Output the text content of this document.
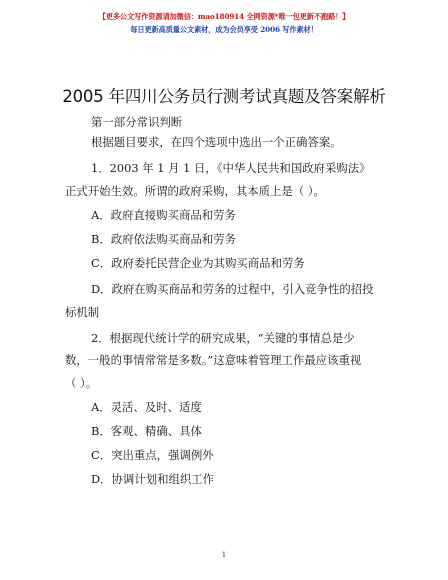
【更多公文写作资源请加微信：mao180914 全网资源*唯一包更新不跑路！】
每日更新高质量公文素材，成为会员享受 2006 写作素材！
2005 年四川公务员行测考试真题及答案解析
第一部分常识判断
根据题目要求，在四个选项中选出一个正确答案。
1．2003 年 1 月 1 日，《中华人民共和国政府采购法》
正式开始生效。所谓的政府采购，其本质上是（ ）。
A．政府直接购买商品和劳务
B．政府依法购买商品和劳务
C．政府委托民营企业为其购买商品和劳务
D．政府在购买商品和劳务的过程中，引入竞争性的招投
标机制
2．根据现代统计学的研究成果，“关键的事情总是少
数，一般的事情常常是多数。”这意味着管理工作最应该重视
（ ）。
A．灵活、及时、适度
B．客观、精确、具体
C．突出重点，强调例外
D．协调计划和组织工作
1
